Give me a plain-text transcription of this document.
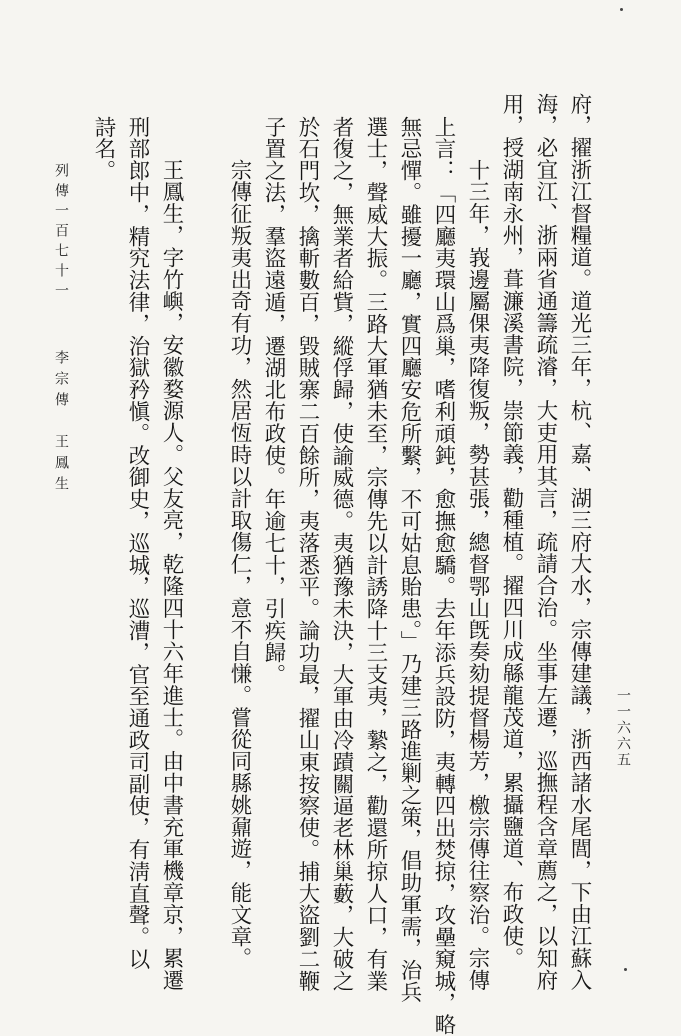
府，擢浙江督糧道。道光三年，杭、嘉、湖三府大水，宗傳建議，浙西諸水尾閭，下由江蘇入
海，必宜江、浙兩省通籌疏濬，大吏用其言，疏請合治。坐事左遷，巡撫程含章薦之，以知府
用，授湖南永州，葺濂溪書院，崇節義，勸種植。擢四川成緜龍茂道，累攝鹽道、布政使。
十三年，峩邊屬倮夷降復叛，勢甚張，總督鄂山旣奏劾提督楊芳，檄宗傳往察治。宗傳
上言：「四廳夷環山爲巢，嗜利頑鈍，愈撫愈驕。去年添兵設防，夷轉四出焚掠，攻壘窺城，略
無忌憚。雖擾一廳，實四廳安危所繫，不可姑息貽患。」乃建三路進剿之策，倡助軍需，治兵
選士，聲威大振。三路大軍猶未至，宗傳先以計誘降十三支夷，縶之，勸還所掠人口，有業
者復之，無業者給貲，縱俘歸，使諭威德。夷猶豫未決，大軍由冷蹟關逼老林巢藪，大破之
於石門坎，擒斬數百，毀賊寨二百餘所，夷落悉平。論功最，擢山東按察使。捕大盜劉二鞭
子置之法，羣盜遠遁，遷湖北布政使。年逾七十，引疾歸。
宗傳征叛夷出奇有功，然居恆時以計取傷仁，意不自慊。嘗從同縣姚鼐遊，能文章。
王鳳生，字竹嶼，安徽婺源人。父友亮，乾隆四十六年進士。由中書充軍機章京，累遷
刑部郎中，精究法律，治獄矜愼。改御史，巡城，巡漕，官至通政司副使，有淸直聲。以
詩名。
列傳一百七十一
李宗傳　王鳳生
一一六六五
